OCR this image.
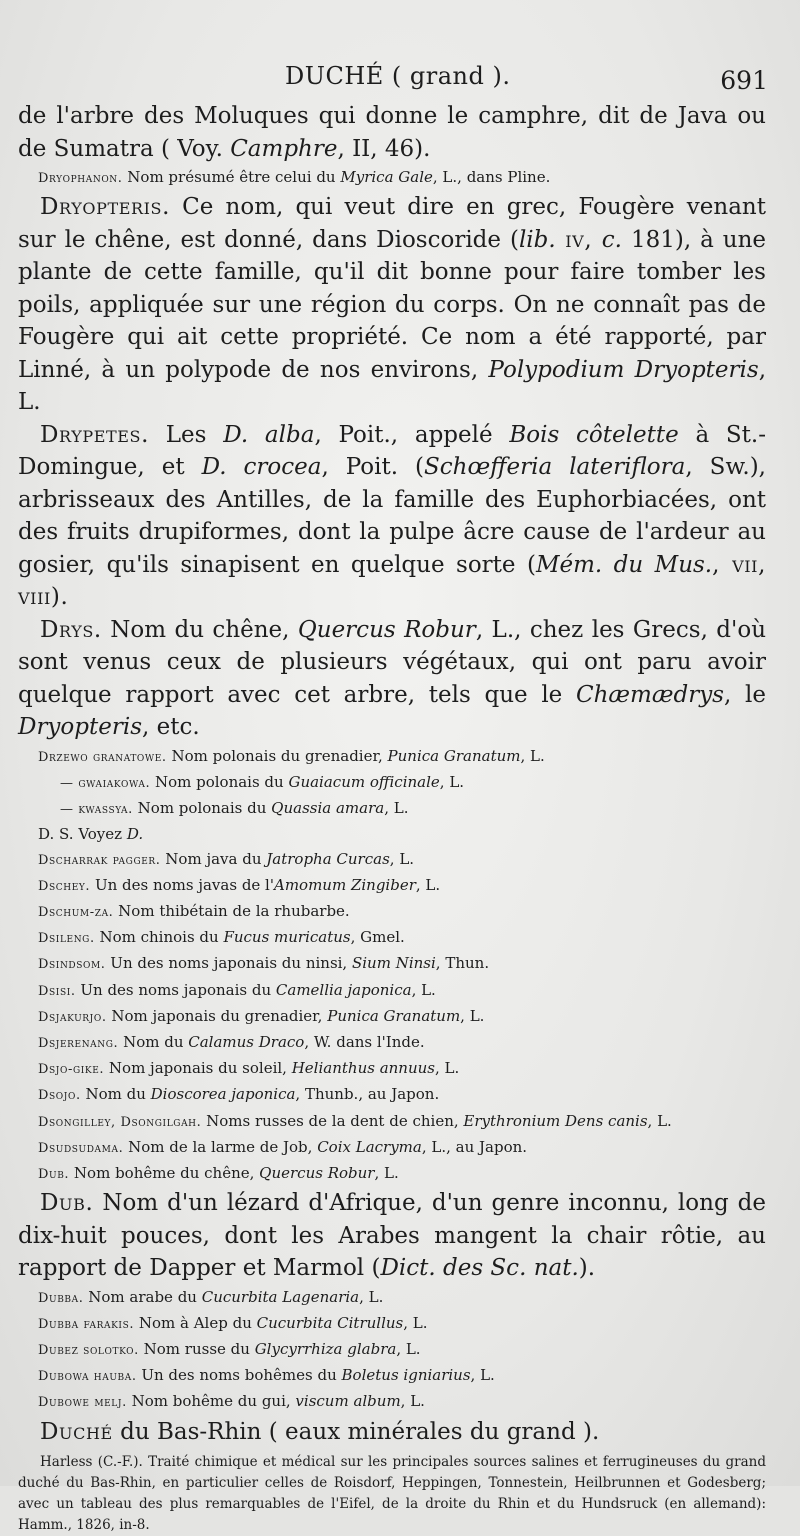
DUCHÉ ( grand ).	691

de l'arbre des Moluques qui donne le camphre, dit de Java ou de Sumatra ( Voy. Camphre, II, 46).

Dryophanon. Nom présumé être celui du Myrica Gale, L., dans Pline.

Dryopteris. Ce nom, qui veut dire en grec, Fougère venant sur le chêne, est donné, dans Dioscoride (lib. iv, c. 181), à une plante de cette famille, qu'il dit bonne pour faire tomber les poils, appliquée sur une région du corps. On ne connaît pas de Fougère qui ait cette propriété. Ce nom a été rapporté, par Linné, à un polypode de nos environs, Polypodium Dryopteris, L.

Drypetes. Les D. alba, Poit., appelé Bois côtelette à St.-Domingue, et D. crocea, Poit. (Schœfferia lateriflora, Sw.), arbrisseaux des Antilles, de la famille des Euphorbiacées, ont des fruits drupiformes, dont la pulpe âcre cause de l'ardeur au gosier, qu'ils sinapisent en quelque sorte (Mém. du Mus., vii, viii).

Drys. Nom du chêne, Quercus Robur, L., chez les Grecs, d'où sont venus ceux de plusieurs végétaux, qui ont paru avoir quelque rapport avec cet arbre, tels que le Chæmædrys, le Dryopteris, etc.

Drzewo granatowe. Nom polonais du grenadier, Punica Granatum, L.

— gwaiakowa. Nom polonais du Guaiacum officinale, L.

— kwassya. Nom polonais du Quassia amara, L.

D. S. Voyez D.

Dscharrak pagger. Nom java du Jatropha Curcas, L.

Dschey. Un des noms javas de l'Amomum Zingiber, L.

Dschum-za. Nom thibétain de la rhubarbe.

Dsileng. Nom chinois du Fucus muricatus, Gmel.

Dsindsom. Un des noms japonais du ninsi, Sium Ninsi, Thun.

Dsisi. Un des noms japonais du Camellia japonica, L.

Dsjakurjo. Nom japonais du grenadier, Punica Granatum, L.

Dsjerenang. Nom du Calamus Draco, W. dans l'Inde.

Dsjo-gike. Nom japonais du soleil, Helianthus annuus, L.

Dsojo. Nom du Dioscorea japonica, Thunb., au Japon.

Dsongilley, Dsongilgah. Noms russes de la dent de chien, Erythronium Dens canis, L.

Dsudsudama. Nom de la larme de Job, Coix Lacryma, L., au Japon.

Dub. Nom bohême du chêne, Quercus Robur, L.

Dub. Nom d'un lézard d'Afrique, d'un genre inconnu, long de dix-huit pouces, dont les Arabes mangent la chair rôtie, au rapport de Dapper et Marmol (Dict. des Sc. nat.).

Dubba. Nom arabe du Cucurbita Lagenaria, L.

Dubba farakis. Nom à Alep du Cucurbita Citrullus, L.

Dubez solotko. Nom russe du Glycyrrhiza glabra, L.

Dubowa hauba. Un des noms bohêmes du Boletus igniarius, L.

Dubowe melj. Nom bohême du gui, viscum album, L.

Duché du Bas-Rhin ( eaux minérales du grand ).

Harless (C.-F.). Traité chimique et médical sur les principales sources salines et ferrugineuses du grand duché du Bas-Rhin, en particulier celles de Roisdorf, Heppingen, Tonnestein, Heilbrunnen et Godesberg; avec un tableau des plus remarquables de l'Eifel, de la droite du Rhin et du Hundsruck (en allemand): Hamm., 1826, in-8.
